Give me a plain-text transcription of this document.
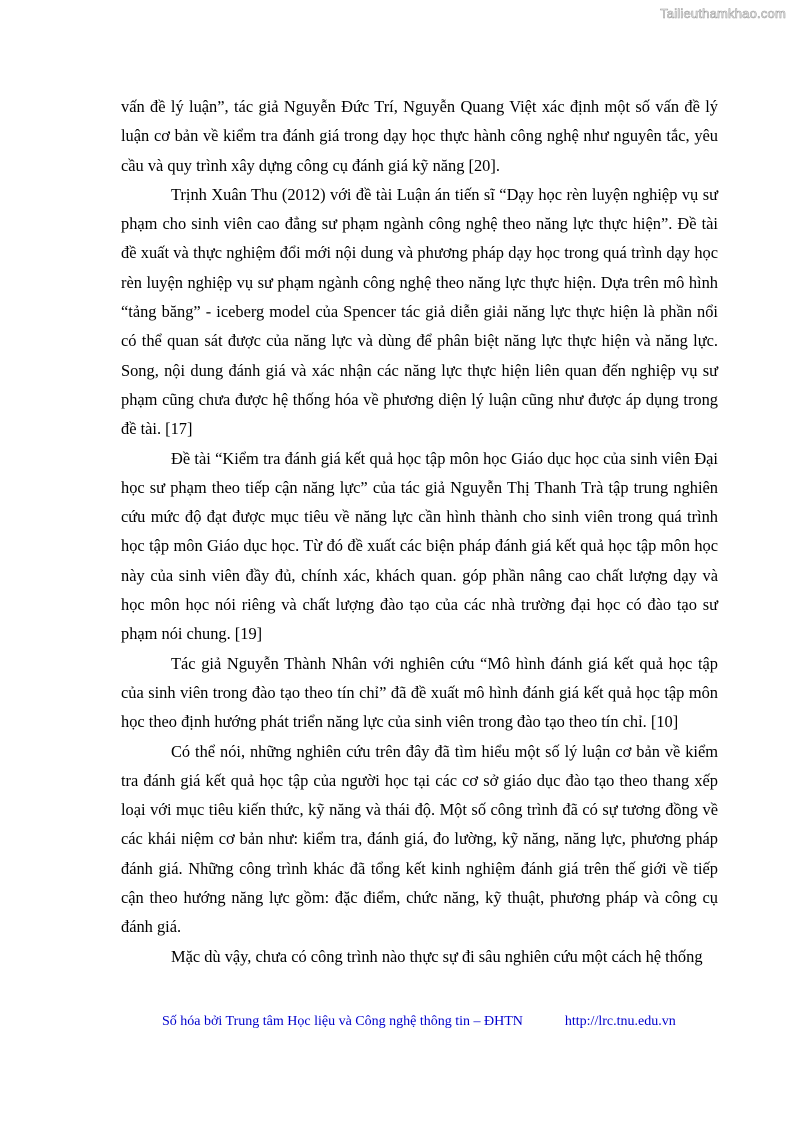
Tailieuthamkhao.com

vấn đề lý luận”, tác giả Nguyễn Đức Trí, Nguyễn Quang Việt xác định một số vấn đề lý luận cơ bản về kiểm tra đánh giá trong dạy học thực hành công nghệ như nguyên tắc, yêu cầu và quy trình xây dựng công cụ đánh giá kỹ năng [20].

Trịnh Xuân Thu (2012) với đề tài Luận án tiến sĩ “Dạy học rèn luyện nghiệp vụ sư phạm cho sinh viên cao đẳng sư phạm ngành công nghệ theo năng lực thực hiện”. Đề tài đề xuất và thực nghiệm đổi mới nội dung và phương pháp dạy học trong quá trình dạy học rèn luyện nghiệp vụ sư phạm ngành công nghệ theo năng lực thực hiện. Dựa trên mô hình “tảng băng” - iceberg model của Spencer tác giả diễn giải năng lực thực hiện là phần nổi có thể quan sát được của năng lực và dùng để phân biệt năng lực thực hiện và năng lực. Song, nội dung đánh giá và xác nhận các năng lực thực hiện liên quan đến nghiệp vụ sư phạm cũng chưa được hệ thống hóa về phương diện lý luận cũng như được áp dụng trong đề tài. [17]

Đề tài “Kiểm tra đánh giá kết quả học tập môn học Giáo dục học của sinh viên Đại học sư phạm theo tiếp cận năng lực” của tác giả Nguyễn Thị Thanh Trà tập trung nghiên cứu mức độ đạt được mục tiêu về năng lực cần hình thành cho sinh viên trong quá trình học tập môn Giáo dục học. Từ đó đề xuất các biện pháp đánh giá kết quả học tập môn học này của sinh viên đầy đủ, chính xác, khách quan. góp phần nâng cao chất lượng dạy và học môn học nói riêng và chất lượng đào tạo của các nhà trường đại học có đào tạo sư phạm nói chung. [19]

Tác giả Nguyễn Thành Nhân với nghiên cứu “Mô hình đánh giá kết quả học tập của sinh viên trong đào tạo theo tín chỉ” đã đề xuất mô hình đánh giá kết quả học tập môn học theo định hướng phát triển năng lực của sinh viên trong đào tạo theo tín chỉ. [10]

Có thể nói, những nghiên cứu trên đây đã tìm hiểu một số lý luận cơ bản về kiểm tra đánh giá kết quả học tập của người học tại các cơ sở giáo dục đào tạo theo thang xếp loại với mục tiêu kiến thức, kỹ năng và thái độ. Một số công trình đã có sự tương đồng về các khái niệm cơ bản như: kiểm tra, đánh giá, đo lường, kỹ năng, năng lực, phương pháp đánh giá. Những công trình khác đã tổng kết kinh nghiệm đánh giá trên thế giới về tiếp cận theo hướng năng lực gồm: đặc điểm, chức năng, kỹ thuật, phương pháp và công cụ đánh giá.

Mặc dù vậy, chưa có công trình nào thực sự đi sâu nghiên cứu một cách hệ thống

Số hóa bởi Trung tâm Học liệu và Công nghệ thông tin – ĐHTN	http://lrc.tnu.edu.vn
